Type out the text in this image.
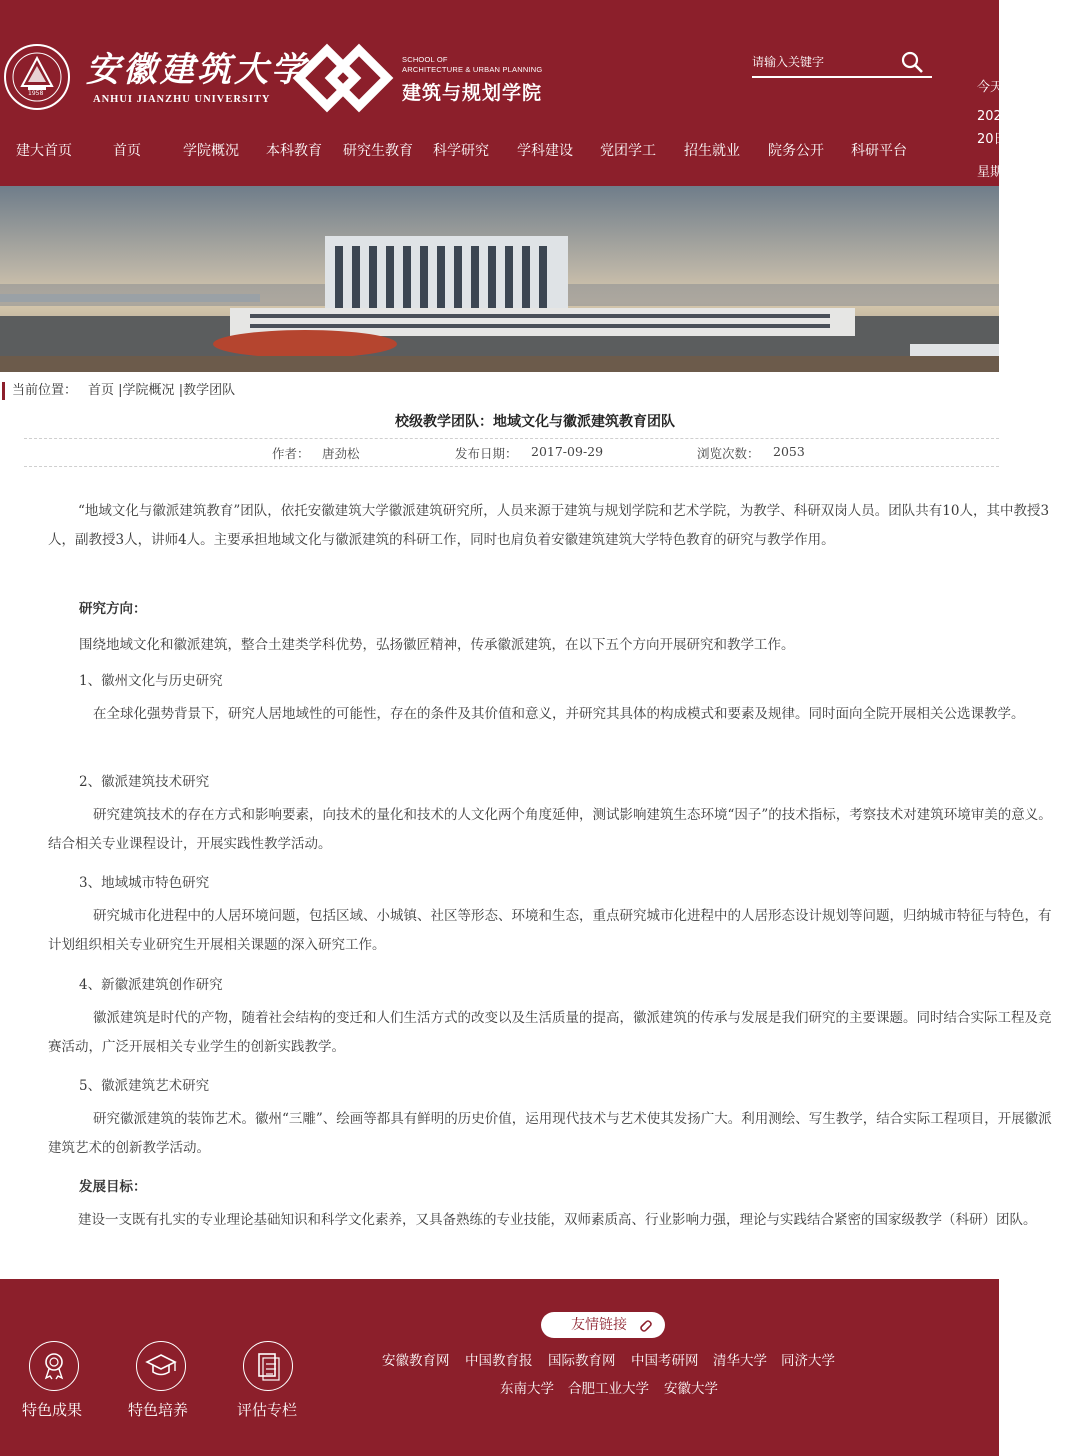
1958
安徽建筑大学
ANHUI JIANZHU UNIVERSITY
SCHOOL OF
ARCHITECTURE & URBAN PLANNING
建筑与规划学院
请输入关键字	今天
202
20日
星期
建大首页	首页	学院概况 本科教育 研究生教育 科学研究 学科建设 党团学工 招生就业 院务公开 科研平台
当前位置： 首页 |学院概况 |教学团队
校级教学团队：地域文化与徽派建筑教育团队
作者： 唐劲松	发布日期： 2017-09-29	浏览次数： 2053
“地域文化与徽派建筑教育”团队，依托安徽建筑大学徽派建筑研究所，人员来源于建筑与规划学院和艺术学院，为教学、科研双岗人员。团队共有10人，其中教授3人，副教授3人，讲师4人。主要承担地域文化与徽派建筑的科研工作，同时也肩负着安徽建筑建筑大学特色教育的研究与教学作用。
研究方向：
围绕地域文化和徽派建筑，整合土建类学科优势，弘扬徽匠精神，传承徽派建筑，在以下五个方向开展研究和教学工作。
1、徽州文化与历史研究
在全球化强势背景下，研究人居地域性的可能性，存在的条件及其价值和意义，并研究其具体的构成模式和要素及规律。同时面向全院开展相关公选课教学。
2、徽派建筑技术研究
研究建筑技术的存在方式和影响要素，向技术的量化和技术的人文化两个角度延伸，测试影响建筑生态环境“因子”的技术指标，考察技术对建筑环境审美的意义。结合相关专业课程设计，开展实践性教学活动。
3、地域城市特色研究
研究城市化进程中的人居环境问题，包括区域、小城镇、社区等形态、环境和生态，重点研究城市化进程中的人居形态设计规划等问题，归纳城市特征与特色，有计划组织相关专业研究生开展相关课题的深入研究工作。
4、新徽派建筑创作研究
徽派建筑是时代的产物，随着社会结构的变迁和人们生活方式的改变以及生活质量的提高，徽派建筑的传承与发展是我们研究的主要课题。同时结合实际工程及竞赛活动，广泛开展相关专业学生的创新实践教学。
5、徽派建筑艺术研究
研究徽派建筑的装饰艺术。徽州“三雕”、绘画等都具有鲜明的历史价值，运用现代技术与艺术使其发扬广大。利用测绘、写生教学，结合实际工程项目，开展徽派建筑艺术的创新教学活动。
发展目标：
建设一支既有扎实的专业理论基础知识和科学文化素养，又具备熟练的专业技能，双师素质高、行业影响力强，理论与实践结合紧密的国家级教学（科研）团队。
特色成果	特色培养	评估专栏
友情链接
安徽教育网 中国教育报 国际教育网 中国考研网 清华大学 同济大学
东南大学 合肥工业大学 安徽大学
